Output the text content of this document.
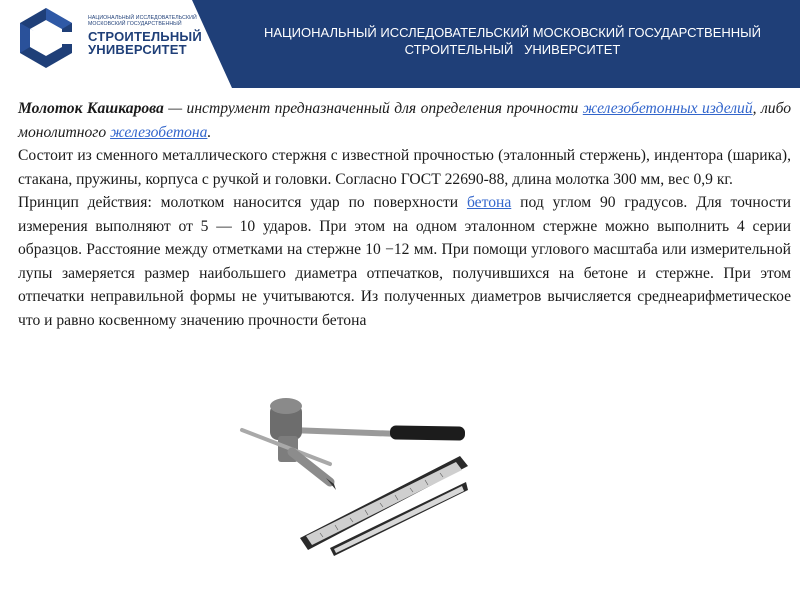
НАЦИОНАЛЬНЫЙ ИССЛЕДОВАТЕЛЬСКИЙ МОСКОВСКИЙ ГОСУДАРСТВЕННЫЙ
СТРОИТЕЛЬНЫЙ   УНИВЕРСИТЕТ
НАЦИОНАЛЬНЫЙ ИССЛЕДОВАТЕЛЬСКИЙ
МОСКОВСКИЙ ГОСУДАРСТВЕННЫЙ
СТРОИТЕЛЬНЫЙ
УНИВЕРСИТЕТ

Молоток Кашкарова — инструмент предназначенный для определения прочности железобетонных изделий, либо монолитного железобетона.

Состоит из сменного металлического стержня с известной прочностью (эталонный стержень), индентора (шарика), стакана, пружины, корпуса с ручкой и головки. Согласно ГОСТ 22690-88, длина молотка 300 мм, вес 0,9 кг.

Принцип действия: молотком наносится удар по поверхности бетона под углом 90 градусов. Для точности измерения выполняют от 5 — 10 ударов. При этом на одном эталонном стержне можно выполнить 4 серии образцов. Расстояние между отметками на стержне 10 −12 мм. При помощи углового масштаба или измерительной лупы замеряется размер наибольшего диаметра отпечатков, получившихся на бетоне и стержне. При этом отпечатки неправильной формы не учитываются. Из полученных диаметров вычисляется среднеарифметическое что и равно косвенному значению прочности бетона
